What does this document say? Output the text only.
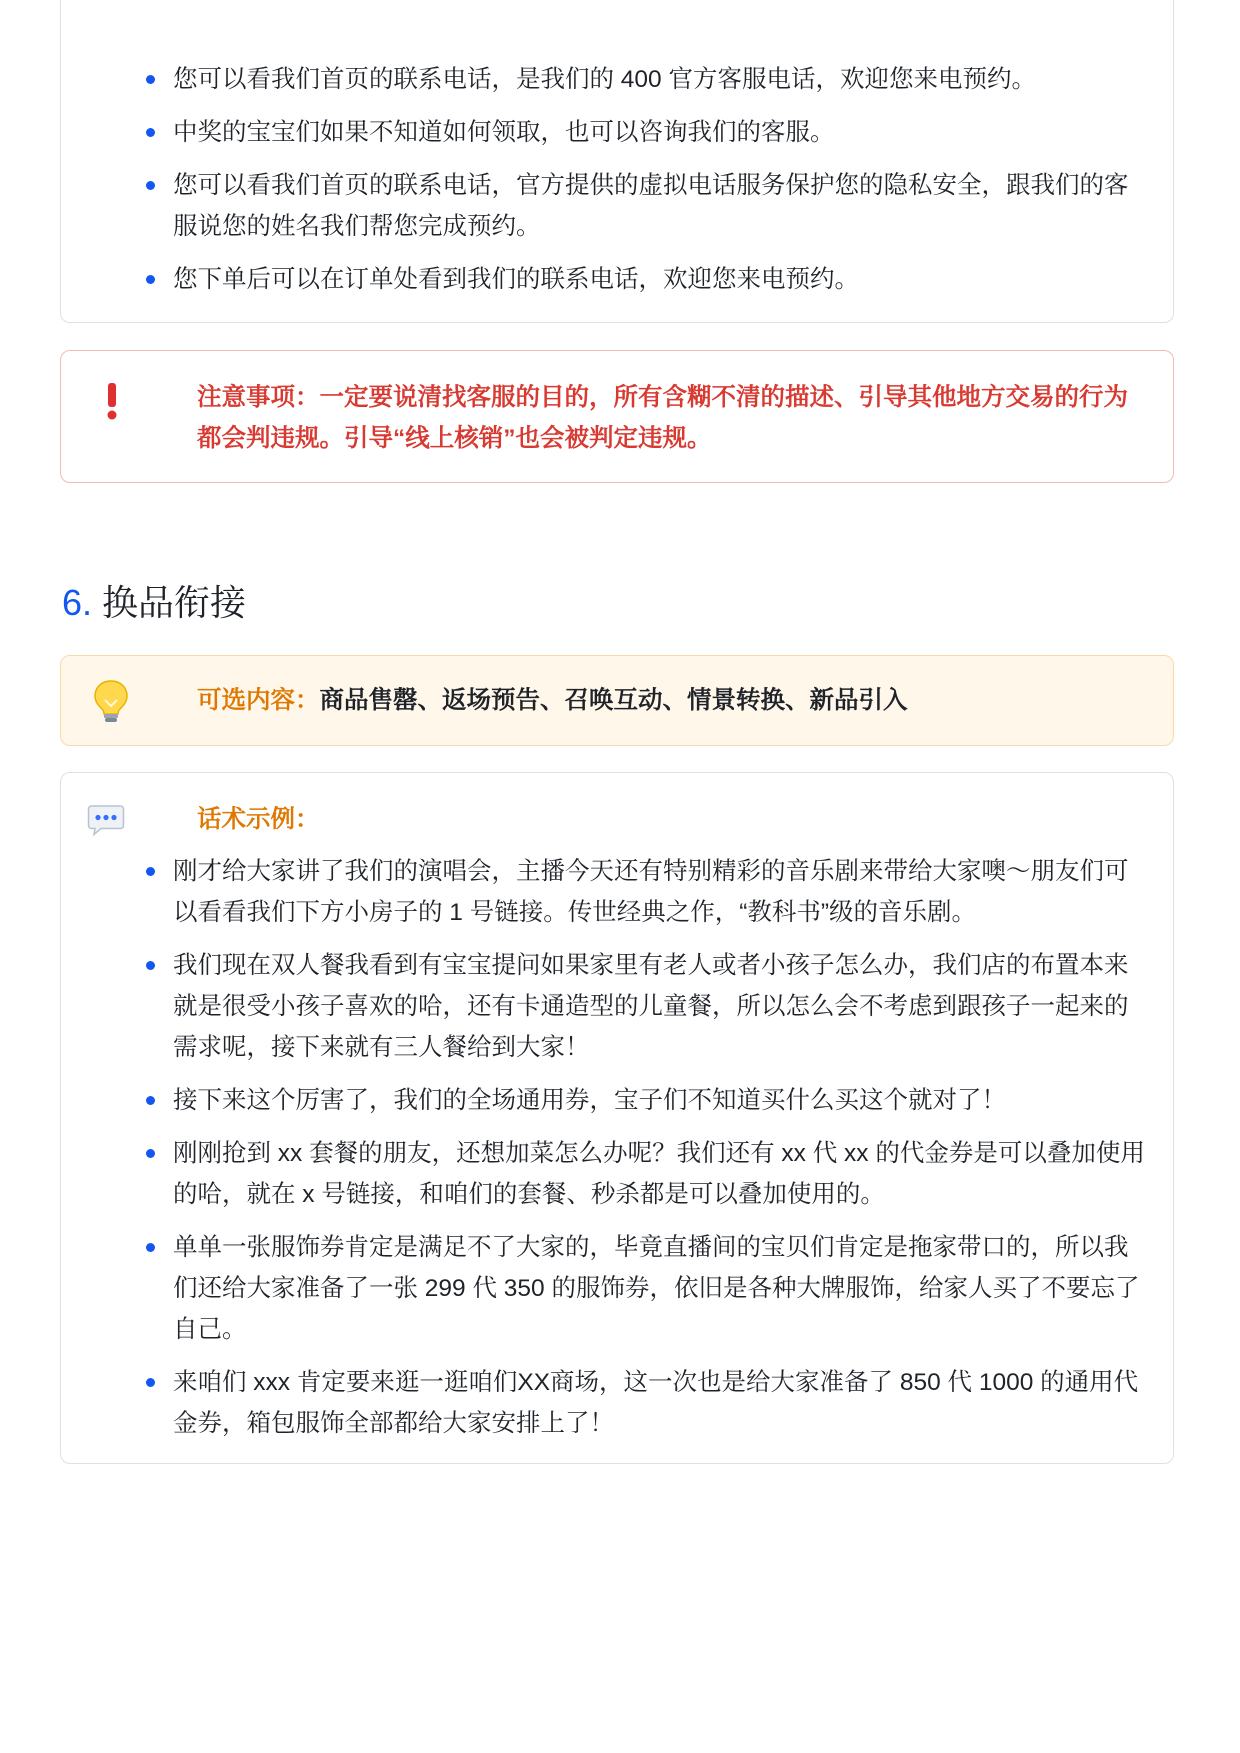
您可以看我们首页的联系电话，是我们的 400 官方客服电话，欢迎您来电预约。
中奖的宝宝们如果不知道如何领取，也可以咨询我们的客服。
您可以看我们首页的联系电话，官方提供的虚拟电话服务保护您的隐私安全，跟我们的客服说您的姓名我们帮您完成预约。
您下单后可以在订单处看到我们的联系电话，欢迎您来电预约。
注意事项：一定要说清找客服的目的，所有含糊不清的描述、引导其他地方交易的行为都会判违规。引导“线上核销”也会被判定违规。
6. 换品衔接
可选内容：商品售罄、返场预告、召唤互动、情景转换、新品引入
话术示例：
刚才给大家讲了我们的演唱会，主播今天还有特别精彩的音乐剧来带给大家噢～朋友们可以看看我们下方小房子的 1 号链接。传世经典之作，“教科书”级的音乐剧。
我们现在双人餐我看到有宝宝提问如果家里有老人或者小孩子怎么办，我们店的布置本来就是很受小孩子喜欢的哈，还有卡通造型的儿童餐，所以怎么会不考虑到跟孩子一起来的需求呢，接下来就有三人餐给到大家！
接下来这个厉害了，我们的全场通用券，宝子们不知道买什么买这个就对了！
刚刚抢到 xx 套餐的朋友，还想加菜怎么办呢？我们还有 xx 代 xx 的代金券是可以叠加使用的哈，就在 x 号链接，和咱们的套餐、秒杀都是可以叠加使用的。
单单一张服饰券肯定是满足不了大家的，毕竟直播间的宝贝们肯定是拖家带口的，所以我们还给大家准备了一张 299 代 350 的服饰券，依旧是各种大牌服饰，给家人买了不要忘了自己。
来咱们 xxx 肯定要来逛一逛咱们XX商场，这一次也是给大家准备了 850 代 1000 的通用代金券，箱包服饰全部都给大家安排上了！
